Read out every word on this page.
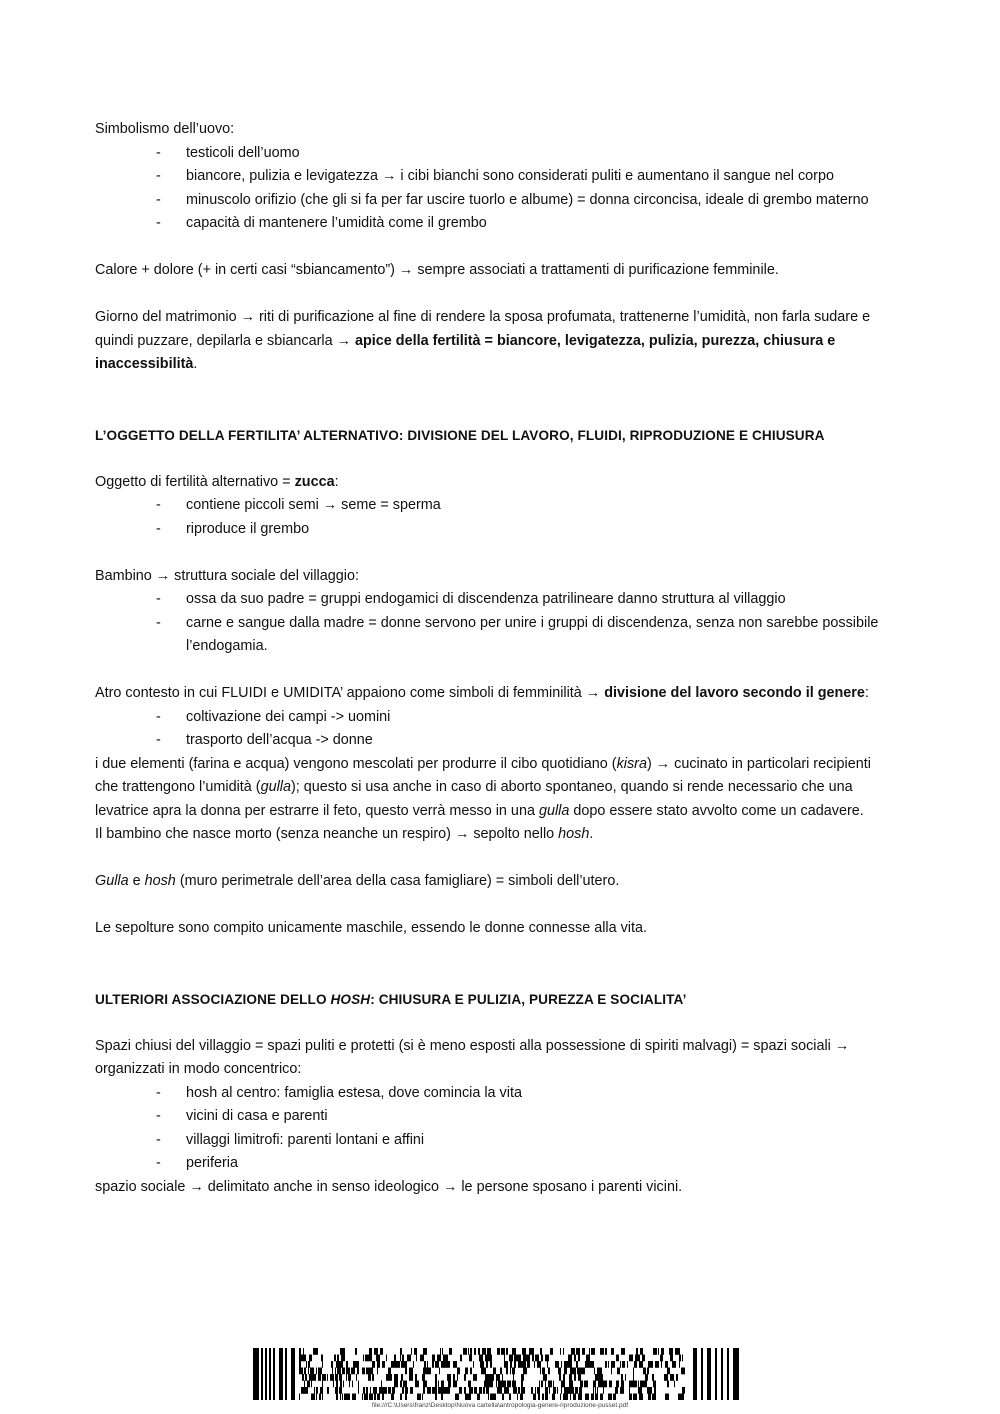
Simbolismo dell’uovo:

- testicoli dell’uomo
- biancore, pulizia e levigatezza → i cibi bianchi sono considerati puliti e aumentano il sangue nel corpo
- minuscolo orifizio (che gli si fa per far uscire tuorlo e albume) = donna circoncisa, ideale di grembo materno
- capacità di mantenere l’umidità come il grembo

Calore + dolore (+ in certi casi “sbiancamento”) → sempre associati a trattamenti di purificazione femminile.

Giorno del matrimonio → riti di purificazione al fine di rendere la sposa profumata, trattenerne l’umidità, non farla sudare e quindi puzzare, depilarla e sbiancarla → apice della fertilità = biancore, levigatezza, pulizia, purezza, chiusura e inaccessibilità.

L’OGGETTO DELLA FERTILITA’ ALTERNATIVO: DIVISIONE DEL LAVORO, FLUIDI, RIPRODUZIONE E CHIUSURA

Oggetto di fertilità alternativo = zucca:

- contiene piccoli semi → seme = sperma
- riproduce il grembo

Bambino → struttura sociale del villaggio:

- ossa da suo padre = gruppi endogamici di discendenza patrilineare danno struttura al villaggio
- carne e sangue dalla madre = donne servono per unire i gruppi di discendenza, senza non sarebbe possibile l’endogamia.

Atro contesto in cui FLUIDI e UMIDITA’ appaiono come simboli di femminilità → divisione del lavoro secondo il genere:

- coltivazione dei campi -> uomini
- trasporto dell’acqua -> donne

i due elementi (farina e acqua) vengono mescolati per produrre il cibo quotidiano (kisra) → cucinato in particolari recipienti che trattengono l’umidità (gulla); questo si usa anche in caso di aborto spontaneo, quando si rende necessario che una levatrice apra la donna per estrarre il feto, questo verrà messo in una gulla dopo essere stato avvolto come un cadavere.

Il bambino che nasce morto (senza neanche un respiro) → sepolto nello hosh.

Gulla e hosh (muro perimetrale dell’area della casa famigliare) = simboli dell’utero.

Le sepolture sono compito unicamente maschile, essendo le donne connesse alla vita.

ULTERIORI ASSOCIAZIONE DELLO HOSH: CHIUSURA E PULIZIA, PUREZZA E SOCIALITA’

Spazi chiusi del villaggio = spazi puliti e protetti (si è meno esposti alla possessione di spiriti malvagi) = spazi sociali → organizzati in modo concentrico:

- hosh al centro: famiglia estesa, dove comincia la vita
- vicini di casa e parenti
- villaggi limitrofi: parenti lontani e affini
- periferia

spazio sociale → delimitato anche in senso ideologico → le persone sposano i parenti vicini.

file:///C:\Users\franz\Desktop\Nuova cartella\antropologia-genere-riproduzione-pusset.pdf
